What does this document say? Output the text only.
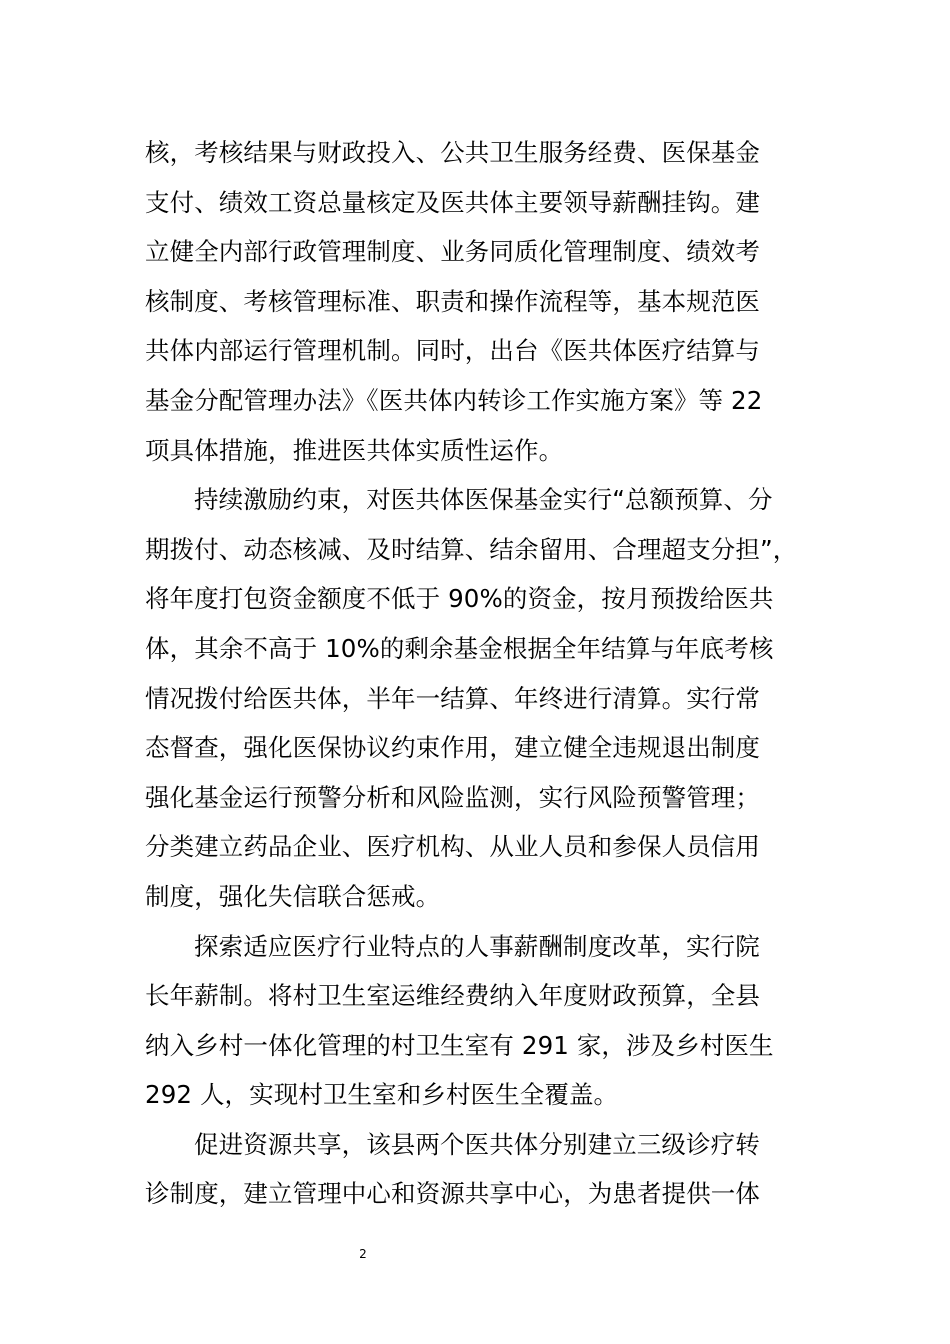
核，考核结果与财政投入、公共卫生服务经费、医保基金
支付、绩效工资总量核定及医共体主要领导薪酬挂钩。建
立健全内部行政管理制度、业务同质化管理制度、绩效考
核制度、考核管理标准、职责和操作流程等，基本规范医
共体内部运行管理机制。同时，出台《医共体医疗结算与
基金分配管理办法》《医共体内转诊工作实施方案》等 22
项具体措施，推进医共体实质性运作。
持续激励约束，对医共体医保基金实行“总额预算、分
期拨付、动态核减、及时结算、结余留用、合理超支分担”，
将年度打包资金额度不低于 90%的资金，按月预拨给医共
体，其余不高于 10%的剩余基金根据全年结算与年底考核
情况拨付给医共体，半年一结算、年终进行清算。实行常
态督查，强化医保协议约束作用，建立健全违规退出制度
强化基金运行预警分析和风险监测，实行风险预警管理；
分类建立药品企业、医疗机构、从业人员和参保人员信用
制度，强化失信联合惩戒。
探索适应医疗行业特点的人事薪酬制度改革，实行院
长年薪制。将村卫生室运维经费纳入年度财政预算，全县
纳入乡村一体化管理的村卫生室有 291 家，涉及乡村医生
292 人，实现村卫生室和乡村医生全覆盖。
促进资源共享，该县两个医共体分别建立三级诊疗转
诊制度，建立管理中心和资源共享中心，为患者提供一体
2
